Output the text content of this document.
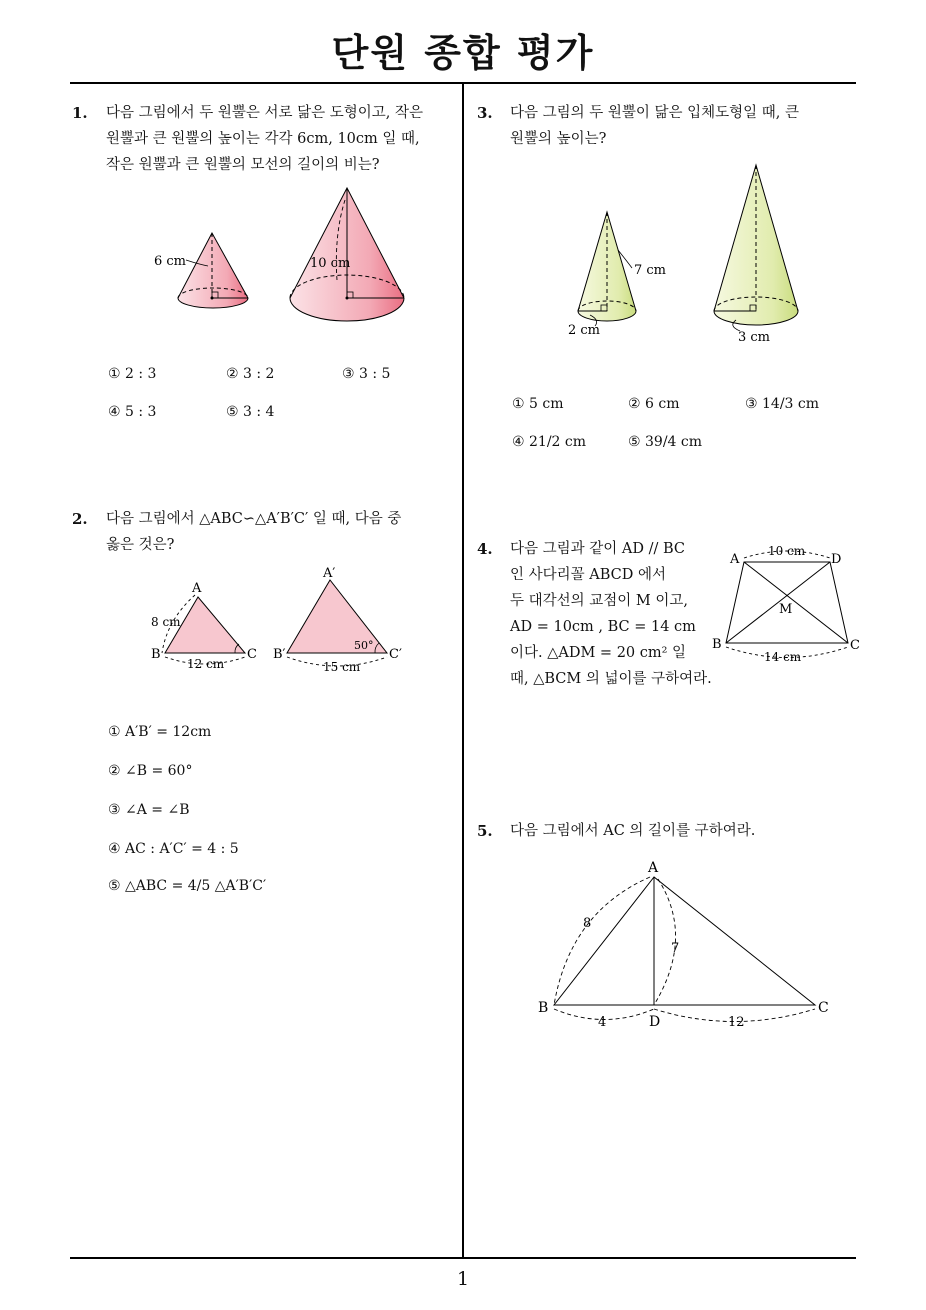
단원 종합 평가
1
1. 다음 그림에서 두 원뿔은 서로 닮은 도형이고, 작은
원뿔과 큰 원뿔의 높이는 각각 6cm, 10cm 일 때,
작은 원뿔과 큰 원뿔의 모선의 길이의 비는?
6 cm	10 cm
① 2 : 3	② 3 : 2	③ 3 : 5
④ 5 : 3	⑤ 3 : 4
2. 다음 그림에서 △ABC∽△A′B′C′ 일 때, 다음 중
옳은 것은?
A
B	C
8 cm
12 cm
A′
B′	C′
50°
15 cm
① A′B′ = 12cm
② ∠B = 60°
③ ∠A = ∠B
④ AC : A′C′ = 4 : 5
⑤ △ABC = 4/5 △A′B′C′
3. 다음 그림의 두 원뿔이 닮은 입체도형일 때, 큰
원뿔의 높이는?
7 cm
2 cm	3 cm
① 5 cm	② 6 cm	③ 14/3 cm
④ 21/2 cm	⑤ 39/4 cm
4. 다음 그림과 같이 AD // BC
인 사다리꼴 ABCD 에서
두 대각선의 교점이 M 이고,
AD = 10cm , BC = 14 cm
이다. △ADM = 20 cm² 일
때, △BCM 의 넓이를 구하여라.
A	D
B	C
M
10 cm
14 cm
5. 다음 그림에서 AC 의 길이를 구하여라.
A
B	C
D
8
7
4	12
